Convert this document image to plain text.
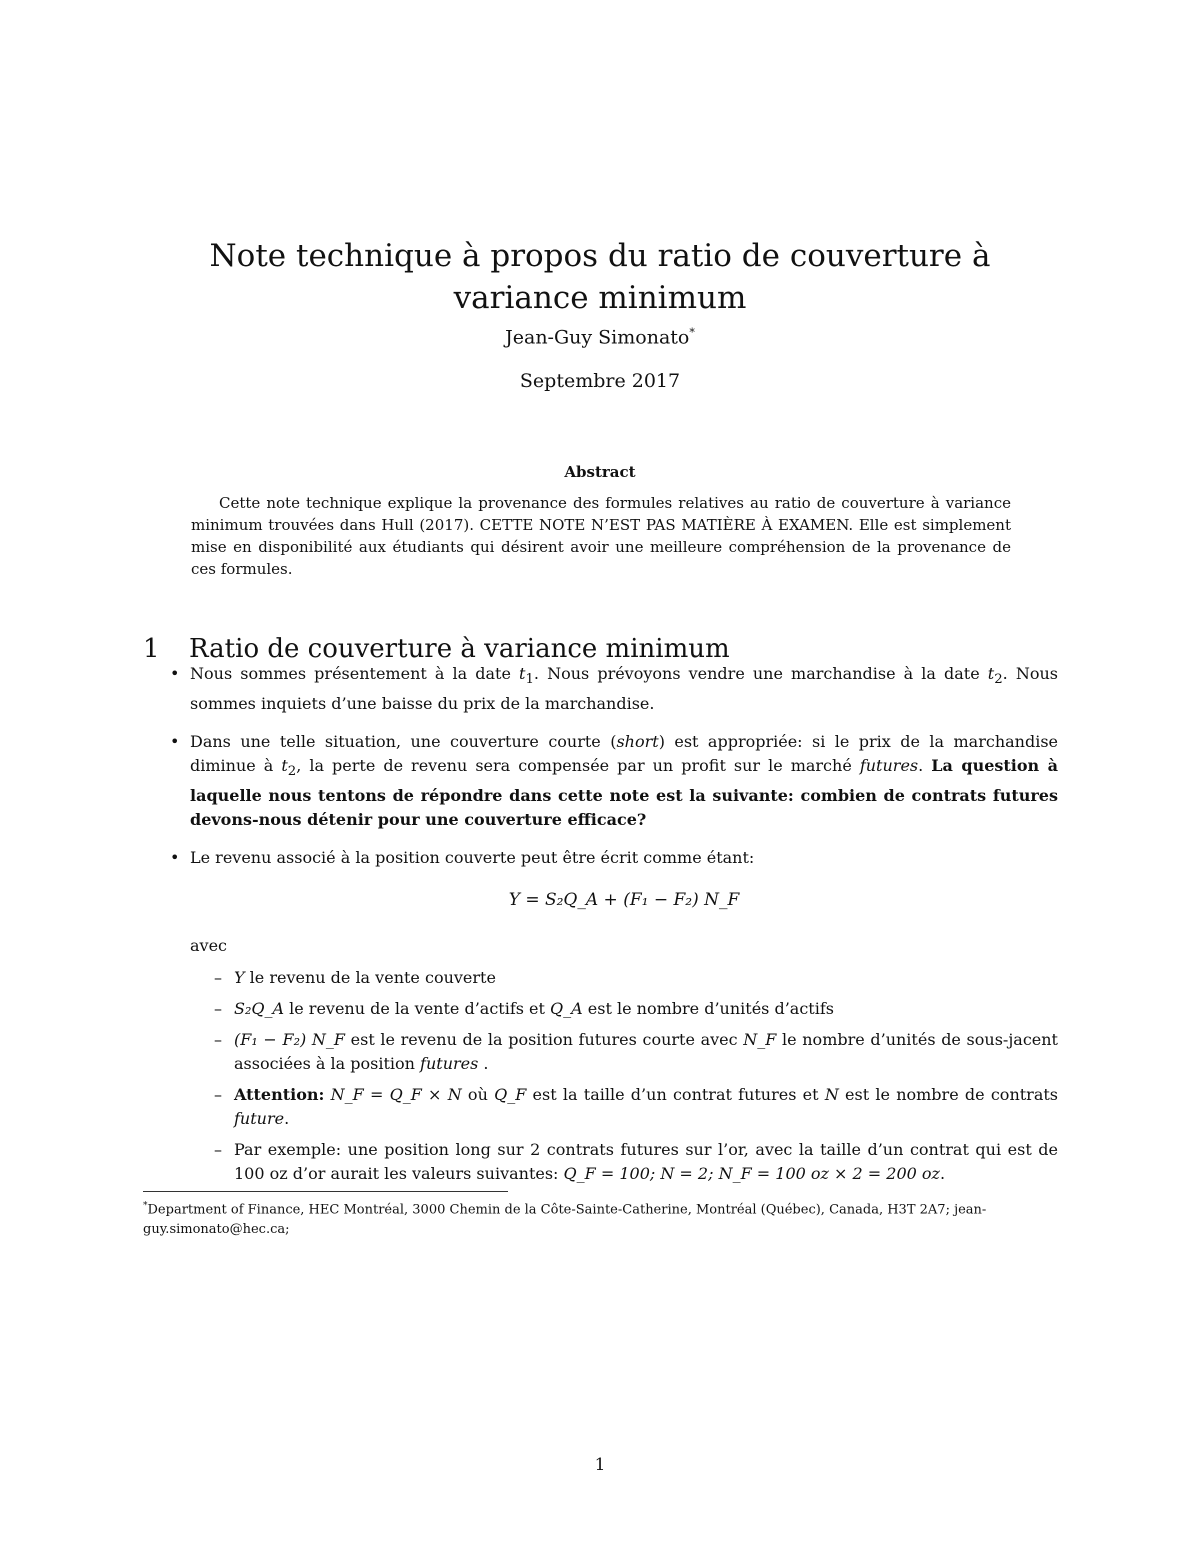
Note technique à propos du ratio de couverture à variance minimum
Jean-Guy Simonato*
Septembre 2017
Abstract

Cette note technique explique la provenance des formules relatives au ratio de couverture à variance minimum trouvées dans Hull (2017). CETTE NOTE N’EST PAS MATIÈRE À EXAMEN. Elle est simplement mise en disponibilité aux étudiants qui désirent avoir une meilleure compréhension de la provenance de ces formules.

1 Ratio de couverture à variance minimum
• Nous sommes présentement à la date $t_1$. Nous prévoyons vendre une marchandise à la date $t_2$. Nous sommes inquiets d’une baisse du prix de la marchandise.
• Dans une telle situation, une couverture courte (short) est appropriée: si le prix de la marchandise diminue à $t_2$, la perte de revenu sera compensée par un profit sur le marché futures. La question à laquelle nous tentons de répondre dans cette note est la suivante: combien de contrats futures devons-nous détenir pour une couverture efficace?
• Le revenu associé à la position couverte peut être écrit comme étant:
Y = S₂Q_A + (F₁ − F₂) N_F
avec
– Y le revenu de la vente couverte
– S₂Q_A le revenu de la vente d’actifs et Q_A est le nombre d’unités d’actifs
– (F₁ − F₂) N_F est le revenu de la position futures courte avec N_F le nombre d’unités de sous-jacent associées à la position futures .
– Attention: N_F = Q_F × N où Q_F est la taille d’un contrat futures et N est le nombre de contrats future.
– Par exemple: une position long sur 2 contrats futures sur l’or, avec la taille d’un contrat qui est de 100 oz d’or aurait les valeurs suivantes: Q_F = 100; N = 2; N_F = 100 oz × 2 = 200 oz.

*Department of Finance, HEC Montréal, 3000 Chemin de la Côte-Sainte-Catherine, Montréal (Québec), Canada, H3T 2A7; jean-guy.simonato@hec.ca;

1
